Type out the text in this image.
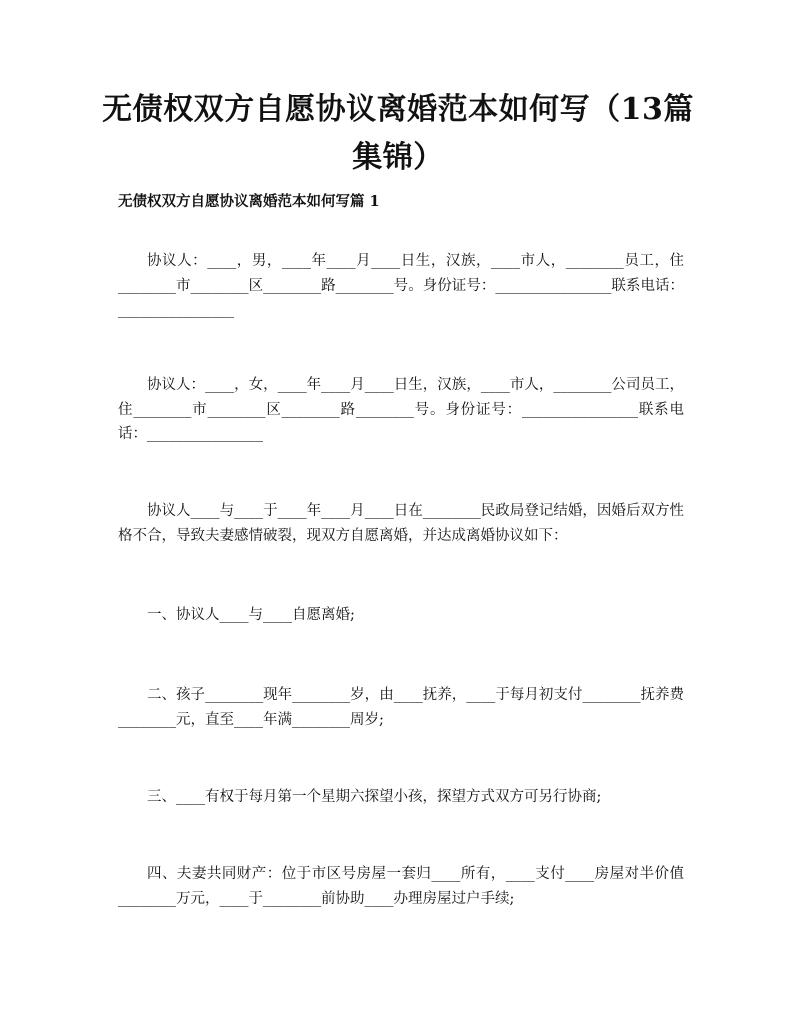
无债权双方自愿协议离婚范本如何写（13篇集锦）
无债权双方自愿协议离婚范本如何写篇 1

协议人：____，男，____年____月____日生，汉族，____市人，________员工，住________市________区________路________号。身份证号：________________联系电话：________________

协议人：____，女，____年____月____日生，汉族，____市人，________公司员工，住________市________区________路________号。身份证号：________________联系电话：________________

协议人____与____于____年____月____日在________民政局登记结婚，因婚后双方性格不合，导致夫妻感情破裂，现双方自愿离婚，并达成离婚协议如下：

一、协议人____与____自愿离婚;

二、孩子________现年________岁，由____抚养，____于每月初支付________抚养费________元，直至____年满________周岁;

三、____有权于每月第一个星期六探望小孩，探望方式双方可另行协商;

四、夫妻共同财产：位于市区号房屋一套归____所有，____支付____房屋对半价值________万元，____于________前协助____办理房屋过户手续;
